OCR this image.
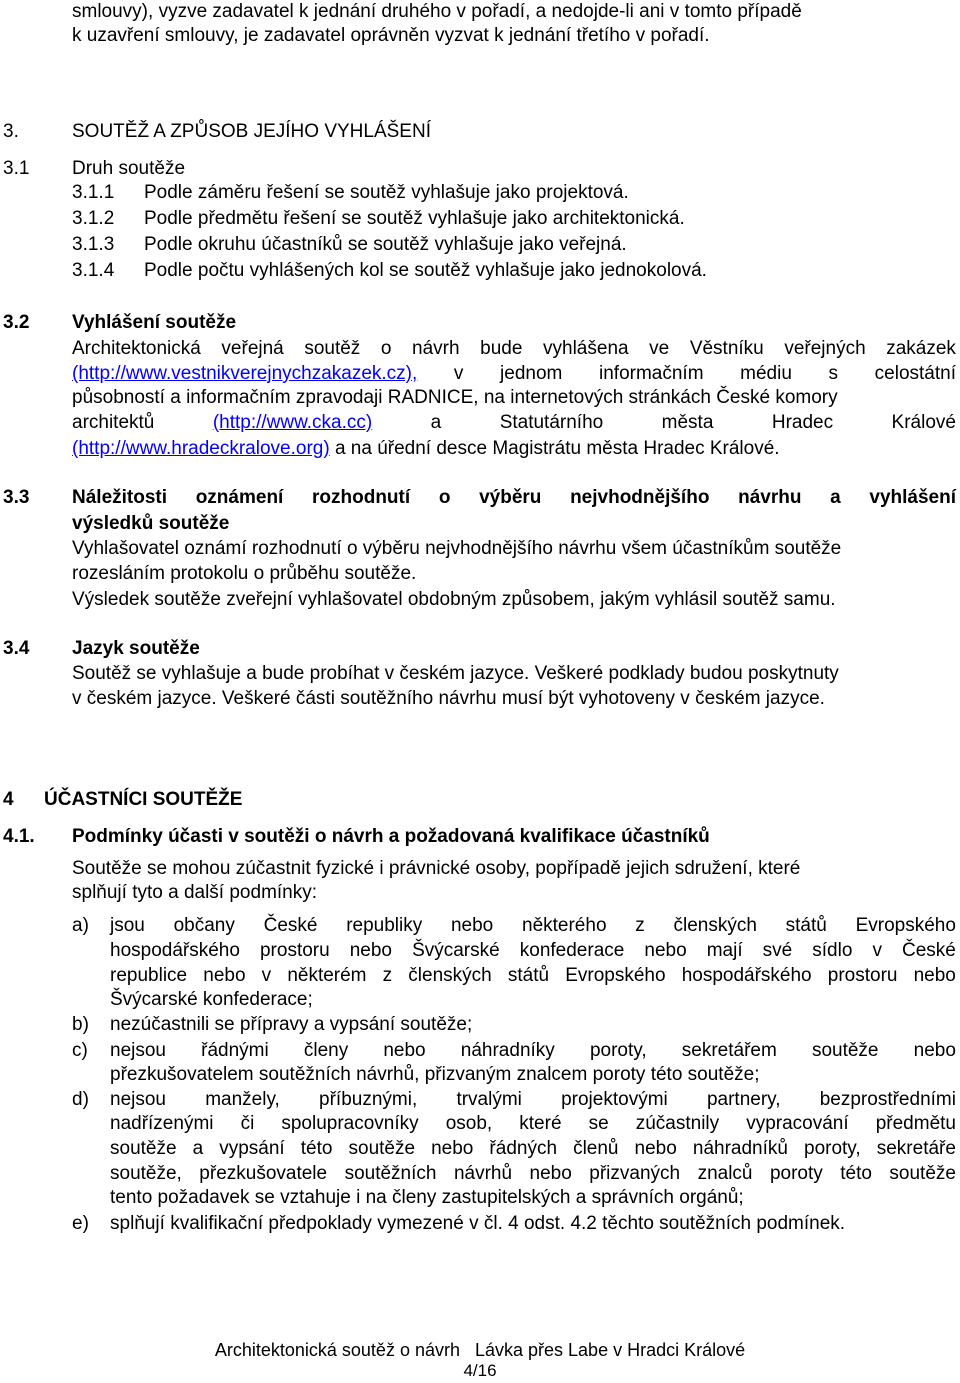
smlouvy), vyzve zadavatel k jednání druhého v pořadí, a nedojde-li ani v tomto případě
k uzavření smlouvy, je zadavatel oprávněn vyzvat k jednání třetího v pořadí.
3.	SOUTĚŽ A ZPŮSOB JEJÍHO VYHLÁŠENÍ
3.1 Druh soutěže
3.1.1 Podle záměru řešení se soutěž vyhlašuje jako projektová.
3.1.2 Podle předmětu řešení se soutěž vyhlašuje jako architektonická.
3.1.3 Podle okruhu účastníků se soutěž vyhlašuje jako veřejná.
3.1.4 Podle počtu vyhlášených kol se soutěž vyhlašuje jako jednokolová.
3.2 Vyhlášení soutěže
Architektonická veřejná soutěž o návrh bude vyhlášena ve Věstníku veřejných zakázek
(http://www.vestnikverejnychzakazek.cz), v jednom informačním médiu s celostátní
působností a informačním zpravodaji RADNICE, na internetových stránkách České komory
architektů	(http://www.cka.cc)	a	Statutárního	města	Hradec	Králové
(http://www.hradeckralove.org) a na úřední desce Magistrátu města Hradec Králové.
3.3 Náležitosti oznámení rozhodnutí o výběru nejvhodnějšího návrhu a vyhlášení
výsledků soutěže
Vyhlašovatel oznámí rozhodnutí o výběru nejvhodnějšího návrhu všem účastníkům soutěže
rozesláním protokolu o průběhu soutěže.
Výsledek soutěže zveřejní vyhlašovatel obdobným způsobem, jakým vyhlásil soutěž samu.
3.4 Jazyk soutěže
Soutěž se vyhlašuje a bude probíhat v českém jazyce. Veškeré podklady budou poskytnuty
v českém jazyce. Veškeré části soutěžního návrhu musí být vyhotoveny v českém jazyce.
4 ÚČASTNÍCI SOUTĚŽE
4.1. Podmínky účasti v soutěži o návrh a požadovaná kvalifikace účastníků
Soutěže se mohou zúčastnit fyzické i právnické osoby, popřípadě jejich sdružení, které
splňují tyto a další podmínky:
a) jsou občany České republiky nebo některého z členských států Evropského
hospodářského prostoru nebo Švýcarské konfederace nebo mají své sídlo v České
republice nebo v některém z členských států Evropského hospodářského prostoru nebo
Švýcarské konfederace;
b) nezúčastnili se přípravy a vypsání soutěže;
c) nejsou řádnými členy nebo náhradníky poroty, sekretářem soutěže nebo
přezkušovatelem soutěžních návrhů, přizvaným znalcem poroty této soutěže;
d) nejsou manžely, příbuznými, trvalými projektovými partnery, bezprostředními
nadřízenými či spolupracovníky osob, které se zúčastnily vypracování předmětu
soutěže a vypsání této soutěže nebo řádných členů nebo náhradníků poroty, sekretáře
soutěže, přezkušovatele soutěžních návrhů nebo přizvaných znalců poroty této soutěže
tento požadavek se vztahuje i na členy zastupitelských a správních orgánů;
e) splňují kvalifikační předpoklady vymezené v čl. 4 odst. 4.2 těchto soutěžních podmínek.
Architektonická soutěž o návrh   Lávka přes Labe v Hradci Králové
4/16
